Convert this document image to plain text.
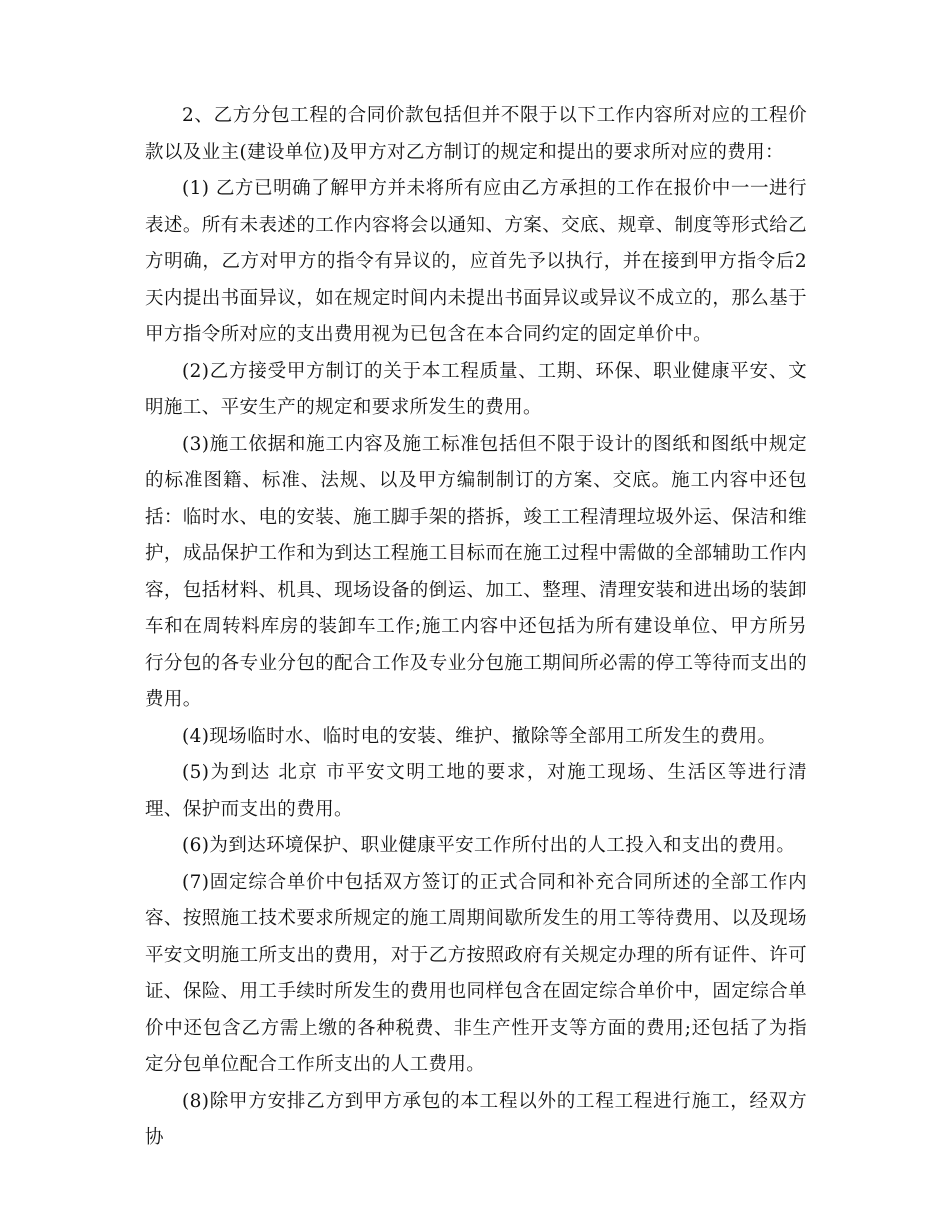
2、乙方分包工程的合同价款包括但并不限于以下工作内容所对应的工程价款以及业主(建设单位)及甲方对乙方制订的规定和提出的要求所对应的费用：

(1) 乙方已明确了解甲方并未将所有应由乙方承担的工作在报价中一一进行表述。所有未表述的工作内容将会以通知、方案、交底、规章、制度等形式给乙方明确，乙方对甲方的指令有异议的，应首先予以执行，并在接到甲方指令后2天内提出书面异议，如在规定时间内未提出书面异议或异议不成立的，那么基于甲方指令所对应的支出费用视为已包含在本合同约定的固定单价中。

(2)乙方接受甲方制订的关于本工程质量、工期、环保、职业健康平安、文明施工、平安生产的规定和要求所发生的费用。

(3)施工依据和施工内容及施工标准包括但不限于设计的图纸和图纸中规定的标准图籍、标准、法规、以及甲方编制制订的方案、交底。施工内容中还包括：临时水、电的安装、施工脚手架的搭拆，竣工工程清理垃圾外运、保洁和维护，成品保护工作和为到达工程施工目标而在施工过程中需做的全部辅助工作内容，包括材料、机具、现场设备的倒运、加工、整理、清理安装和进出场的装卸车和在周转料库房的装卸车工作;施工内容中还包括为所有建设单位、甲方所另行分包的各专业分包的配合工作及专业分包施工期间所必需的停工等待而支出的费用。

(4)现场临时水、临时电的安装、维护、撤除等全部用工所发生的费用。

(5)为到达 北京 市平安文明工地的要求，对施工现场、生活区等进行清理、保护而支出的费用。

(6)为到达环境保护、职业健康平安工作所付出的人工投入和支出的费用。

(7)固定综合单价中包括双方签订的正式合同和补充合同所述的全部工作内容、按照施工技术要求所规定的施工周期间歇所发生的用工等待费用、以及现场平安文明施工所支出的费用，对于乙方按照政府有关规定办理的所有证件、许可证、保险、用工手续时所发生的费用也同样包含在固定综合单价中，固定综合单价中还包含乙方需上缴的各种税费、非生产性开支等方面的费用;还包括了为指定分包单位配合工作所支出的人工费用。

(8)除甲方安排乙方到甲方承包的本工程以外的工程工程进行施工，经双方协
